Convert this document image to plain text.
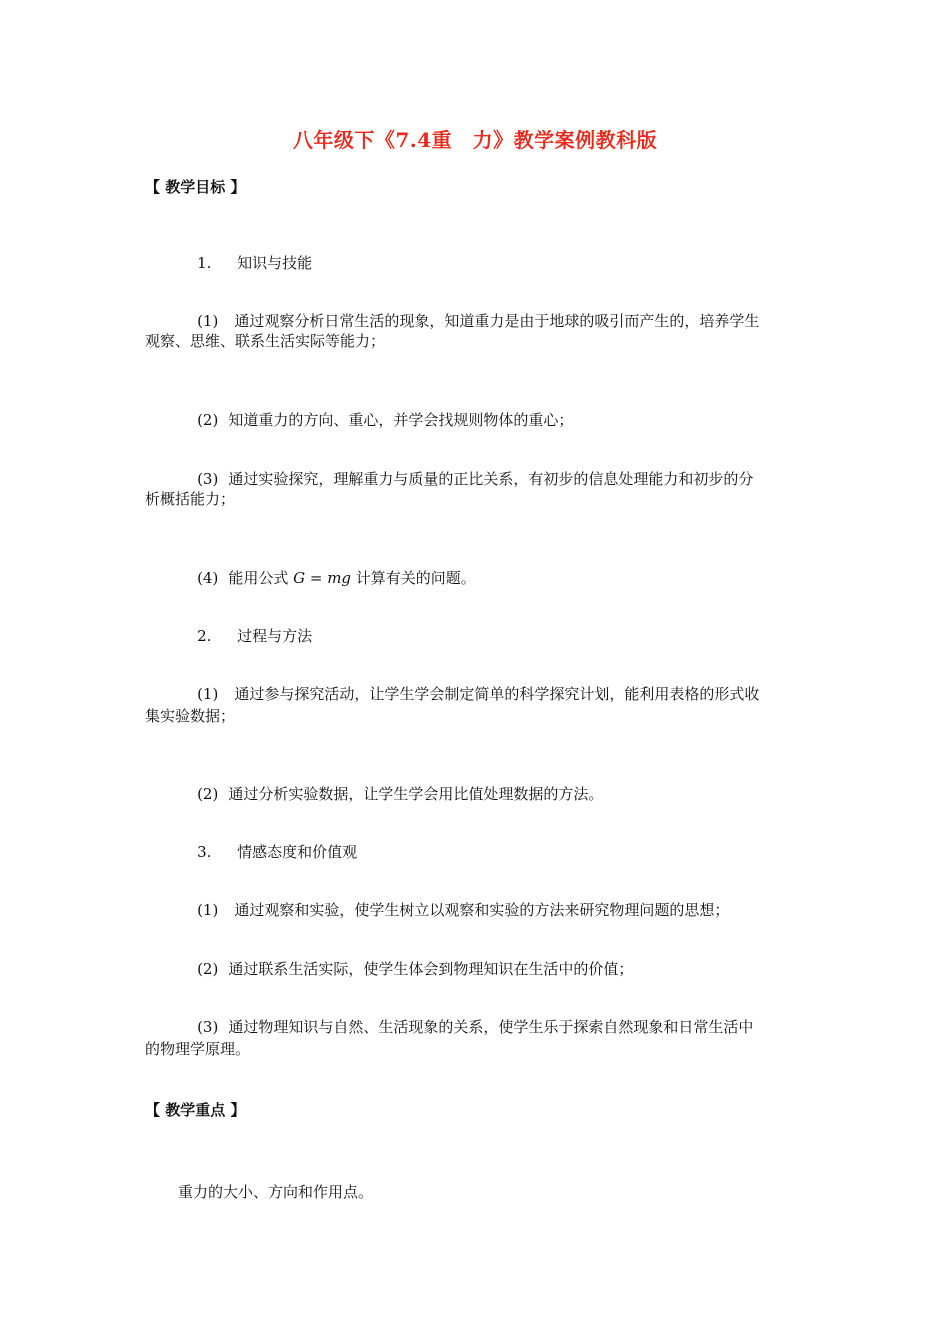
八年级下《7.4重　力》教学案例教科版
【 教学目标 】

1. 知识与技能

(1) 通过观察分析日常生活的现象，知道重力是由于地球的吸引而产生的，培养学生

观察、思维、联系生活实际等能力；

(2) 知道重力的方向、重心，并学会找规则物体的重心；

(3) 通过实验探究，理解重力与质量的正比关系，有初步的信息处理能力和初步的分

析概括能力；

(4) 能用公式 G = mg 计算有关的问题。

2. 过程与方法

(1) 通过参与探究活动，让学生学会制定简单的科学探究计划，能利用表格的形式收

集实验数据；

(2) 通过分析实验数据，让学生学会用比值处理数据的方法。

3. 情感态度和价值观

(1) 通过观察和实验，使学生树立以观察和实验的方法来研究物理问题的思想；

(2) 通过联系生活实际，使学生体会到物理知识在生活中的价值；

(3) 通过物理知识与自然、生活现象的关系，使学生乐于探索自然现象和日常生活中

的物理学原理。
【 教学重点 】
重力的大小、方向和作用点。
